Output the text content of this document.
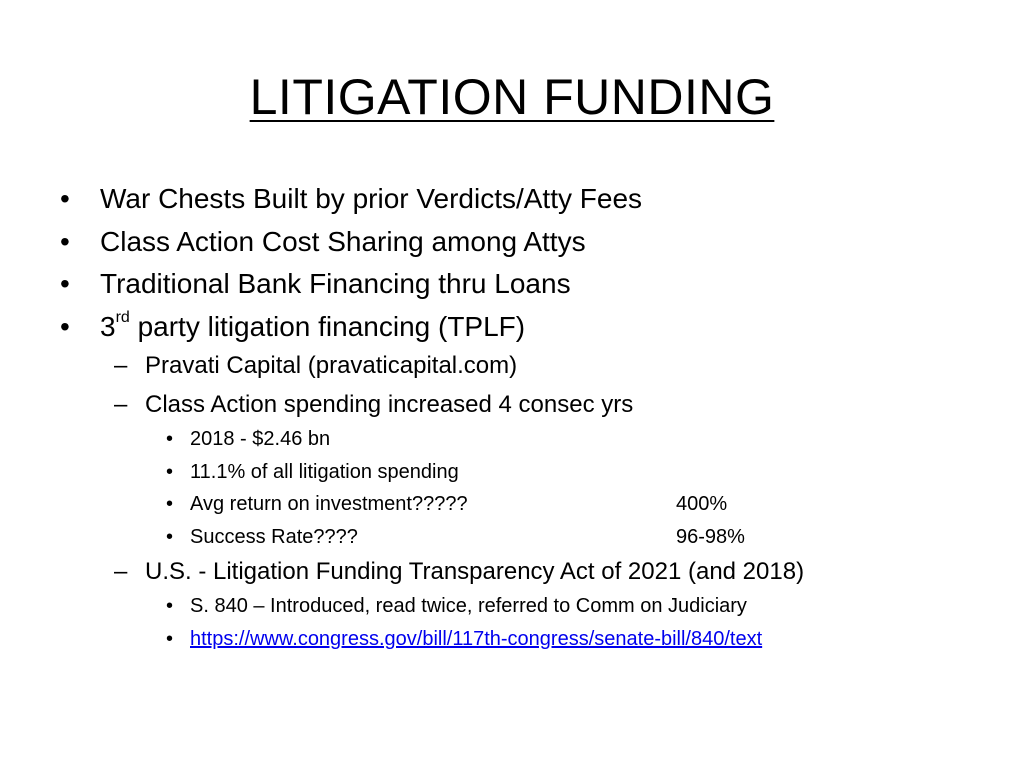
LITIGATION FUNDING
•	War Chests Built by prior Verdicts/Atty Fees
•	Class Action Cost Sharing among Attys
•	Traditional Bank Financing thru Loans
•	3rd party litigation financing (TPLF)
– Pravati Capital (pravaticapital.com)
– Class Action spending increased 4 consec yrs
• 2018 - $2.46 bn
• 11.1% of all litigation spending
• Avg return on investment?????	400%
• Success Rate????	96-98%
– U.S. - Litigation Funding Transparency Act of 2021 (and 2018)
• S. 840 – Introduced, read twice, referred to Comm on Judiciary
• https://www.congress.gov/bill/117th-congress/senate-bill/840/text
